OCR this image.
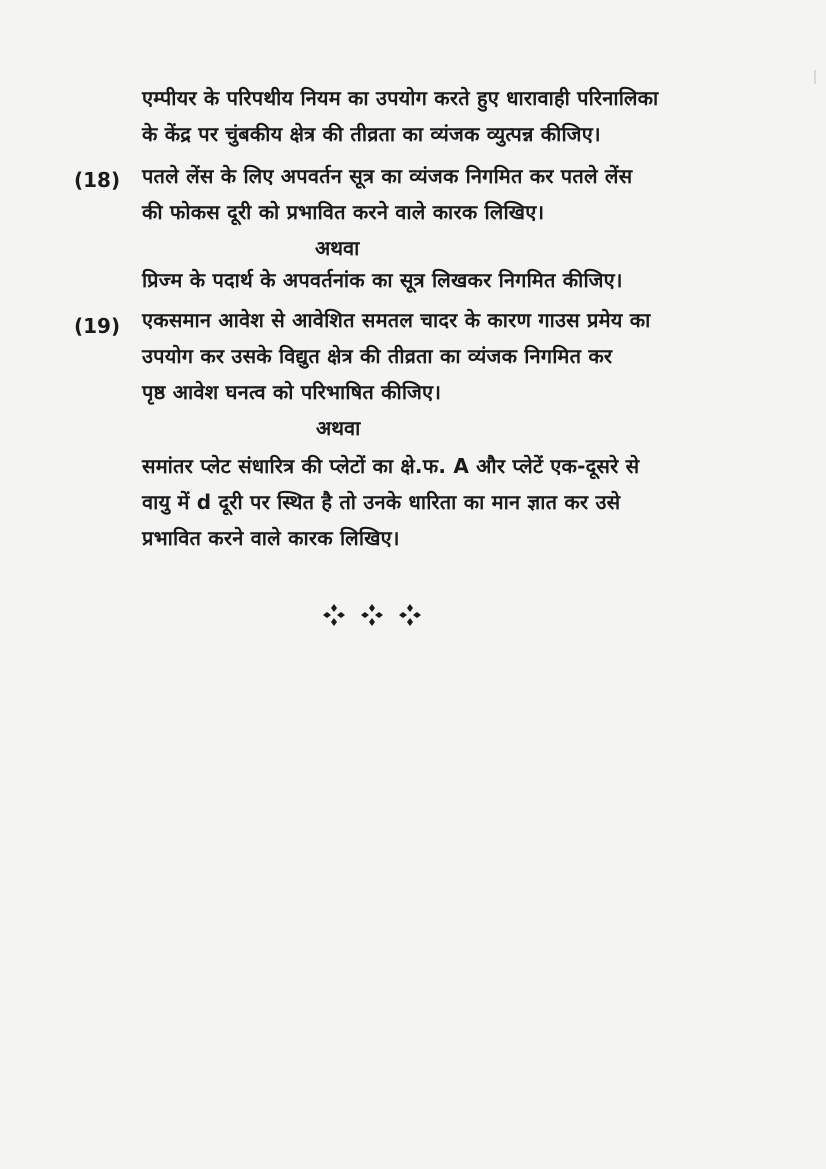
एम्पीयर के परिपथीय नियम का उपयोग करते हुए धारावाही परिनालिका
के केंद्र पर चुंबकीय क्षेत्र की तीव्रता का व्यंजक व्युत्पन्न कीजिए।
(18) पतले लेंस के लिए अपवर्तन सूत्र का व्यंजक निगमित कर पतले लेंस
की फोकस दूरी को प्रभावित करने वाले कारक लिखिए।
अथवा
प्रिज्म के पदार्थ के अपवर्तनांक का सूत्र लिखकर निगमित कीजिए।
(19) एकसमान आवेश से आवेशित समतल चादर के कारण गाउस प्रमेय का
उपयोग कर उसके विद्युत क्षेत्र की तीव्रता का व्यंजक निगमित कर
पृष्ठ आवेश घनत्व को परिभाषित कीजिए।
अथवा
समांतर प्लेट संधारित्र की प्लेटों का क्षे.फ. A और प्लेटें एक-दूसरे से
वायु में d दूरी पर स्थित है तो उनके धारिता का मान ज्ञात कर उसे
प्रभावित करने वाले कारक लिखिए।
